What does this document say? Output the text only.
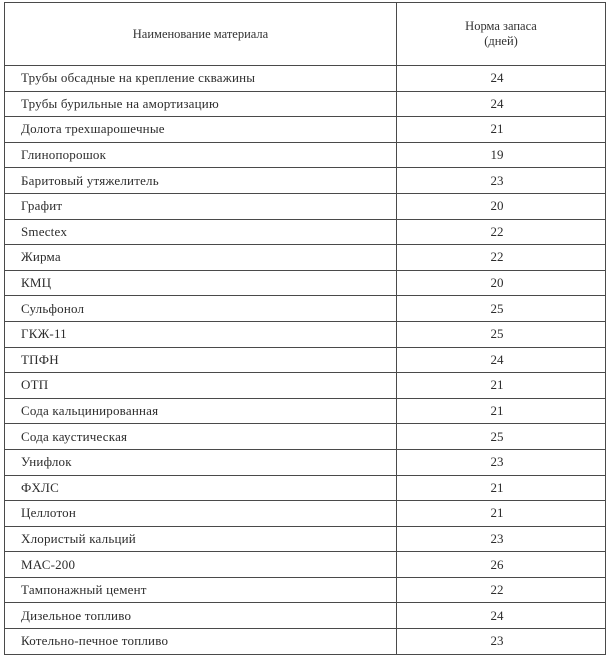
Наименование материала	Норма запаса
(дней)

Трубы обсадные на крепление скважины	24
Трубы бурильные на амортизацию	24
Долота трехшарошечные	21
Глинопорошок	19
Баритовый утяжелитель	23
Графит	20
Smectex	22
Жирма	22
КМЦ	20
Сульфонол	25
ГКЖ-11	25
ТПФН	24
ОТП	21
Сода кальцинированная	21
Сода каустическая	25
Унифлок	23
ФХЛС	21
Целлотон	21
Хлористый кальций	23
МАС-200	26
Тампонажный цемент	22
Дизельное топливо	24
Котельно-печное топливо	23
